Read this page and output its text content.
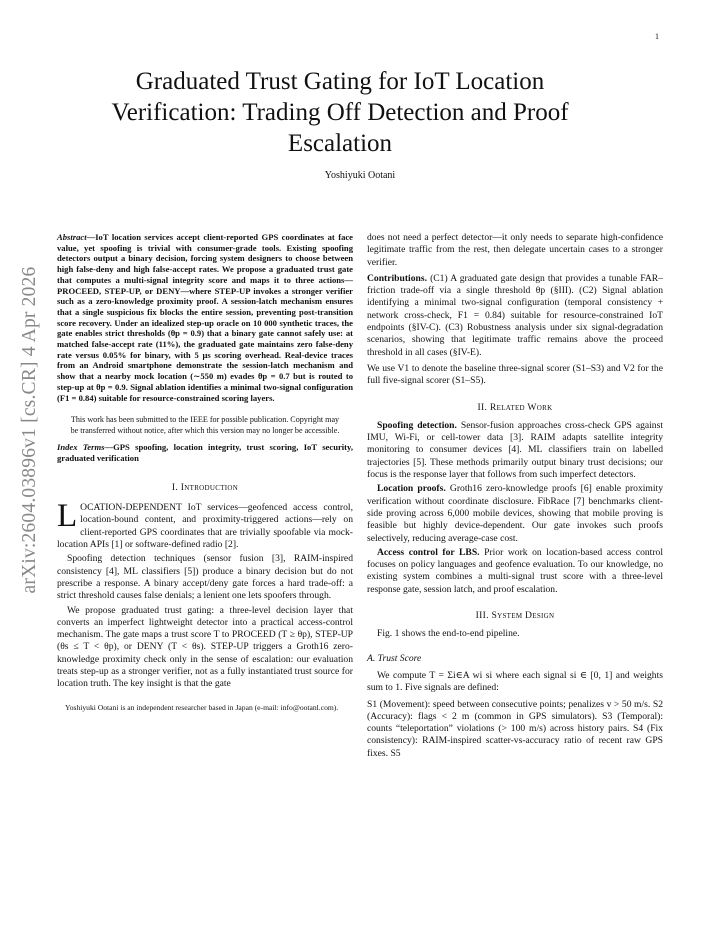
1
arXiv:2604.03896v1 [cs.CR] 4 Apr 2026
Graduated Trust Gating for IoT Location Verification: Trading Off Detection and Proof Escalation
Yoshiyuki Ootani

Abstract—IoT location services accept client-reported GPS coordinates at face value, yet spoofing is trivial with consumer-grade tools. Existing spoofing detectors output a binary decision, forcing system designers to choose between high false-deny and high false-accept rates. We propose a graduated trust gate that computes a multi-signal integrity score and maps it to three actions—PROCEED, STEP-UP, or DENY—where STEP-UP invokes a stronger verifier such as a zero-knowledge proximity proof. A session-latch mechanism ensures that a single suspicious fix blocks the entire session, preventing post-transition score recovery. Under an idealized step-up oracle on 10 000 synthetic traces, the gate enables strict thresholds (θp = 0.9) that a binary gate cannot safely use: at matched false-accept rate (11%), the graduated gate maintains zero false-deny rate versus 0.05% for binary, with 5 μs scoring overhead. Real-device traces from an Android smartphone demonstrate the session-latch mechanism and show that a nearby mock location (∼550 m) evades θp = 0.7 but is routed to step-up at θp = 0.9. Signal ablation identifies a minimal two-signal configuration (F1 = 0.84) suitable for resource-constrained scoring layers.

This work has been submitted to the IEEE for possible publication. Copyright may be transferred without notice, after which this version may no longer be accessible.

Index Terms—GPS spoofing, location integrity, trust scoring, IoT security, graduated verification

I. Introduction

LOCATION-DEPENDENT IoT services—geofenced access control, location-bound content, and proximity-triggered actions—rely on client-reported GPS coordinates that are trivially spoofable via mock-location APIs [1] or software-defined radio [2].

Spoofing detection techniques (sensor fusion [3], RAIM-inspired consistency [4], ML classifiers [5]) produce a binary decision but do not prescribe a response. A binary accept/deny gate forces a hard trade-off: a strict threshold causes false denials; a lenient one lets spoofers through.

We propose graduated trust gating: a three-level decision layer that converts an imperfect lightweight detector into a practical access-control mechanism. The gate maps a trust score T to PROCEED (T ≥ θp), STEP-UP (θs ≤ T < θp), or DENY (T < θs). STEP-UP triggers a Groth16 zero-knowledge proximity check only in the sense of escalation: our evaluation treats step-up as a stronger verifier, not as a fully instantiated trust source for location truth. The key insight is that the gate

Yoshiyuki Ootani is an independent researcher based in Japan (e-mail: info@ootanl.com).

does not need a perfect detector—it only needs to separate high-confidence legitimate traffic from the rest, then delegate uncertain cases to a stronger verifier.

Contributions. (C1) A graduated gate design that provides a tunable FAR–friction trade-off via a single threshold θp (§III). (C2) Signal ablation identifying a minimal two-signal configuration (temporal consistency + network cross-check, F1 = 0.84) suitable for resource-constrained IoT endpoints (§IV-C). (C3) Robustness analysis under six signal-degradation scenarios, showing that legitimate traffic remains above the proceed threshold in all cases (§IV-E).

We use V1 to denote the baseline three-signal scorer (S1–S3) and V2 for the full five-signal scorer (S1–S5).

II. Related Work

Spoofing detection. Sensor-fusion approaches cross-check GPS against IMU, Wi-Fi, or cell-tower data [3]. RAIM adapts satellite integrity monitoring to consumer devices [4]. ML classifiers train on labelled trajectories [5]. These methods primarily output binary trust decisions; our focus is the response layer that follows from such imperfect detectors.

Location proofs. Groth16 zero-knowledge proofs [6] enable proximity verification without coordinate disclosure. FibRace [7] benchmarks client-side proving across 6,000 mobile devices, showing that mobile proving is feasible but highly device-dependent. Our gate invokes such proofs selectively, reducing average-case cost.

Access control for LBS. Prior work on location-based access control focuses on policy languages and geofence evaluation. To our knowledge, no existing system combines a multi-signal trust score with a three-level response gate, session latch, and proof escalation.

III. System Design

Fig. 1 shows the end-to-end pipeline.

A. Trust Score

We compute T = Σi∈A wi si where each signal si ∈ [0, 1] and weights sum to 1. Five signals are defined:

S1 (Movement): speed between consecutive points; penalizes v > 50 m/s. S2 (Accuracy): flags < 2 m (common in GPS simulators). S3 (Temporal): counts “teleportation” violations (> 100 m/s) across history pairs. S4 (Fix consistency): RAIM-inspired scatter-vs-accuracy ratio of recent raw GPS fixes. S5
